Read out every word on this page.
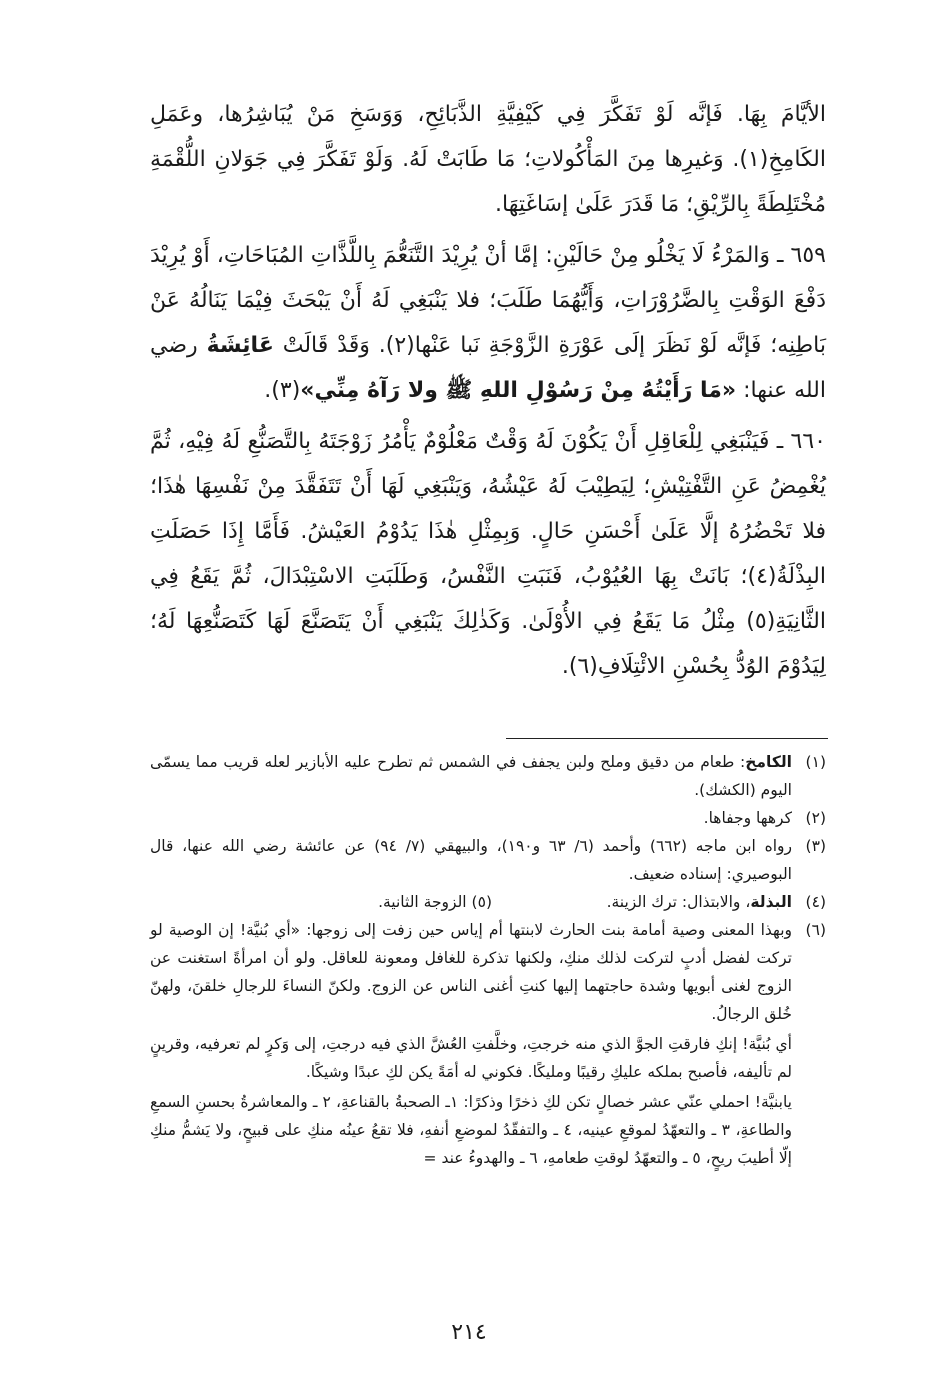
الأيَّامَ بِهَا. فَإنَّه لَوْ تَفَكَّرَ فِي كَيْفِيَّةِ الذَّبَائِحِ، وَوَسَخِ مَنْ يُبَاشِرُها، وعَمَلِ الكَامِخِ(١). وَغيرِها مِنَ المَأْكُولاتِ؛ مَا طَابَتْ لَهُ. وَلَوْ تَفَكَّرَ فِي جَوَلانِ اللُّقْمَةِ مُخْتَلِطَةً بِالرِّيْقِ؛ مَا قَدَرَ عَلَىٰ إسَاغَتِهَا.

٦٥٩ ـ وَالمَرْءُ لَا يَخْلُو مِنْ حَالَيْنِ: إمَّا أنْ يُرِيْدَ التَّنَعُّمَ بِاللَّذَّاتِ المُبَاحَاتِ، أَوْ يُرِيْدَ دَفْعَ الوَقْتِ بِالضَّرُوْرَاتِ، وَأَيُّهُمَا طَلَبَ؛ فلا يَنْبَغِي لَهُ أَنْ يَبْحَثَ فِيْمَا يَنَالُهُ عَنْ بَاطِنِه؛ فَإنَّه لَوْ نَظَرَ إلَى عَوْرَةِ الزَّوْجَةِ نَبا عَنْها(٢). وَقَدْ قَالَتْ عَائِشَةُ رضي الله عنها: «مَا رَأَيْتُهُ مِنْ رَسُوْلِ اللهِ ﷺ ولا رَآهُ مِنِّي»(٣).

٦٦٠ ـ فَيَنْبَغِي لِلْعَاقِلِ أَنْ يَكُوْنَ لَهُ وَقْتٌ مَعْلُوْمٌ يَأْمُرُ زَوْجَتَهُ بِالتَّصَنُّعِ لَهُ فِيْهِ، ثُمَّ يُغْمِضُ عَنِ التَّفْتِيْشِ؛ لِيَطِيْبَ لَهُ عَيْشُهُ، وَيَنْبَغِي لَهَا أَنْ تَتَفَقَّدَ مِنْ نَفْسِهَا هٰذَا؛ فلا تَحْضُرُهُ إلَّا عَلَىٰ أَحْسَنِ حَالٍ. وَبِمِثْلِ هٰذَا يَدُوْمُ العَيْشُ. فَأَمَّا إِذَا حَصَلَتِ البِذْلَةُ(٤)؛ بَانَتْ بِهَا العُيُوْبُ، فَنَبَتِ النَّفْسُ، وَطَلَبَتِ الاسْتِبْدَالَ، ثُمَّ يَقَعُ فِي الثَّانِيَةِ(٥) مِثْلُ مَا يَقَعُ فِي الأُوْلَىٰ. وَكَذٰلِكَ يَنْبَغِي أَنْ يَتَصَنَّعَ لَهَا كَتَصَنُّعِهَا لَهُ؛ لِيَدُوْمَ الوُدُّ بِحُسْنِ الائْتِلَافِ(٦).

(١)
الكامخ: طعام من دقيق وملح ولبن يجفف في الشمس ثم تطرح عليه الأبازير لعله قريب مما يسمّى اليوم (الكشك).
(٢)
كرهها وجفاها.
(٣)
رواه ابن ماجه (٦٦٢) وأحمد (٦/ ٦٣ و١٩٠)، والبيهقي (٧/ ٩٤) عن عائشة رضي الله عنها، قال البوصيري: إسناده ضعيف.
(٤)
البذلة، والابتذال: ترك الزينة.
(٥) الزوجة الثانية.
(٦)
وبهذا المعنى وصية أمامة بنت الحارث لابنتها أم إياس حين زفت إلى زوجها: «أي بُنيَّة! إن الوصية لو تركت لفضل أدبٍ لتركت لذلك منكِ، ولكنها تذكرة للغافل ومعونة للعاقل. ولو أن امرأةً استغنت عن الزوج لغنى أبويها وشدة حاجتهما إليها كنتِ أغنى الناس عن الزوج. ولكنّ النساءَ للرجالِ خلقنَ، ولهنّ خُلق الرجالُ.
أي بُنيَّة! إنكِ فارقتِ الجوَّ الذي منه خرجتِ، وخلَّفتِ العُشَّ الذي فيه درجتِ، إلى وَكرٍ لم تعرفيه، وقرينٍ لم تأليفه، فأصبح بملكه عليكِ رقيبًا ومليكًا. فكوني له أمَةً يكن لكِ عبدًا وشيكًا.
يابنيَّة! احملي عنّي عشر خصالٍ تكن لكِ ذخرًا وذكرًا: ١ـ الصحبةُ بالقناعةِ، ٢ ـ والمعاشرةُ بحسنِ السمعِ والطاعةِ، ٣ ـ والتعهّدُ لموقعِ عينيه، ٤ ـ والتفقّدُ لموضعِ أنفهِ، فلا تقعُ عينُه منكِ على قبيحٍ، ولا يَشمُّ منكِ إلّا أطيبَ ريحٍ، ٥ ـ والتعهّدُ لوقتِ طعامهِ، ٦ ـ والهدوءُ عند =
٢١٤
